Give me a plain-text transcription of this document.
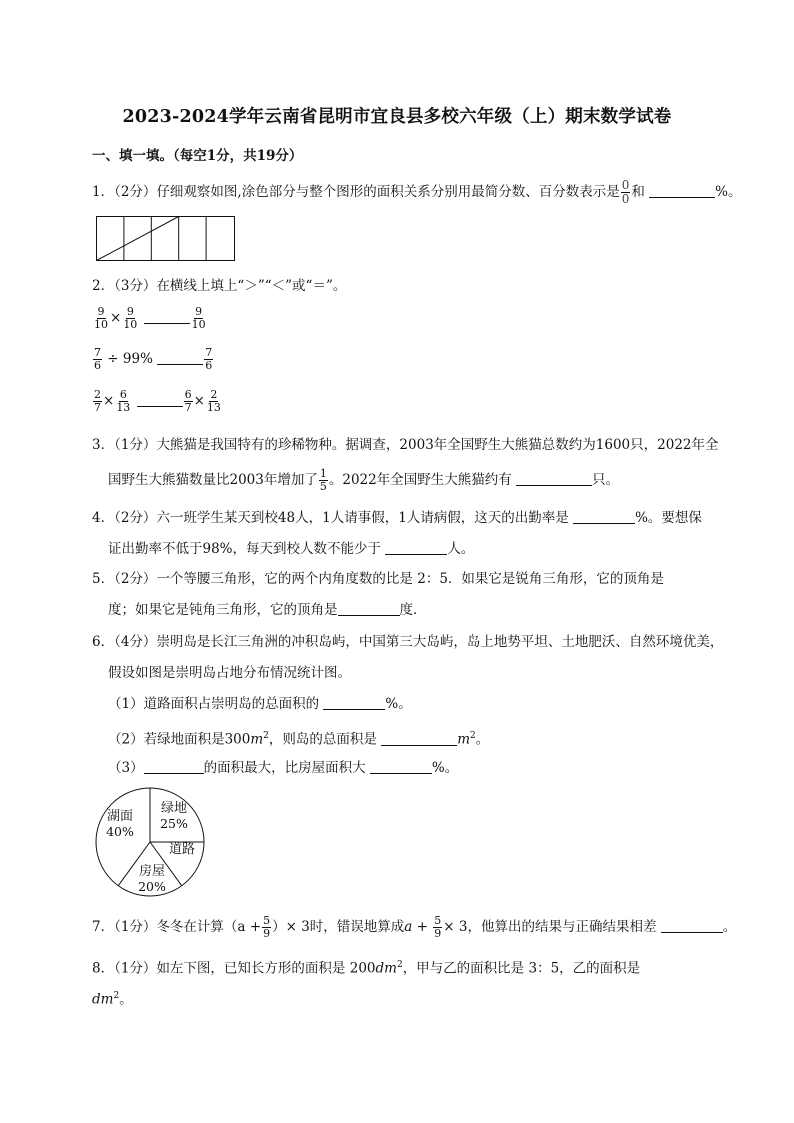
2023-2024学年云南省昆明市宜良县多校六年级（上）期末数学试卷
一、填一填。（每空1分，共19分）
1．（2分）仔细观察如图,涂色部分与整个图形的面积关系分别用最简分数、百分数表示是 $\frac{0}{0}$ 和	%。
2．（3分）在横线上填上“＞”“＜”或“＝”。
$\frac{9}{10} \times \frac{9}{10}$
	$\frac{9}{10}$
$\frac{7}{6} \div 99\%$	$\frac{7}{6}$
$\frac{2}{7} \times \frac{6}{13}$
	$\frac{6}{7} \times \frac{2}{13}$
3．（1分）大熊猫是我国特有的珍稀物种。据调查，2003年全国野生大熊猫总数约为1600只，2022年全
国野生大熊猫数量比2003年增加了 $\frac{1}{5}$ 。2022年全国野生大熊猫约有	只。
4．（2分）六一班学生某天到校48人，1人请事假，1人请病假，这天的出勤率是	%。要想保
证出勤率不低于98%，每天到校人数不能少于	人。
5．（2分）一个等腰三角形，它的两个内角度数的比是 2：5．如果它是锐角三角形，它的顶角是
度；如果它是钝角三角形，它的顶角是	度．
6．（4分）崇明岛是长江三角洲的冲积岛屿，中国第三大岛屿，岛上地势平坦、土地肥沃、自然环境优美，
假设如图是崇明岛占地分布情况统计图。
（1）道路面积占崇明岛的总面积的	%。
（2）若绿地面积是$300m^2$，则岛的总面积是	$m^2$。
（3）	的面积最大，比房屋面积大	%。
绿地
25%
道路
房屋
20%
湖面
40%
7．（1分）冬冬在计算（$a + \frac{5}{9}$ ）× 3时，错误地算成$a + \frac{5}{9} \times 3$，他算出的结果与正确结果相差	。
8．（1分）如左下图，已知长方形的面积是 $200dm^2$，甲与乙的面积比是 3：5，乙的面积是
$dm^2$。
